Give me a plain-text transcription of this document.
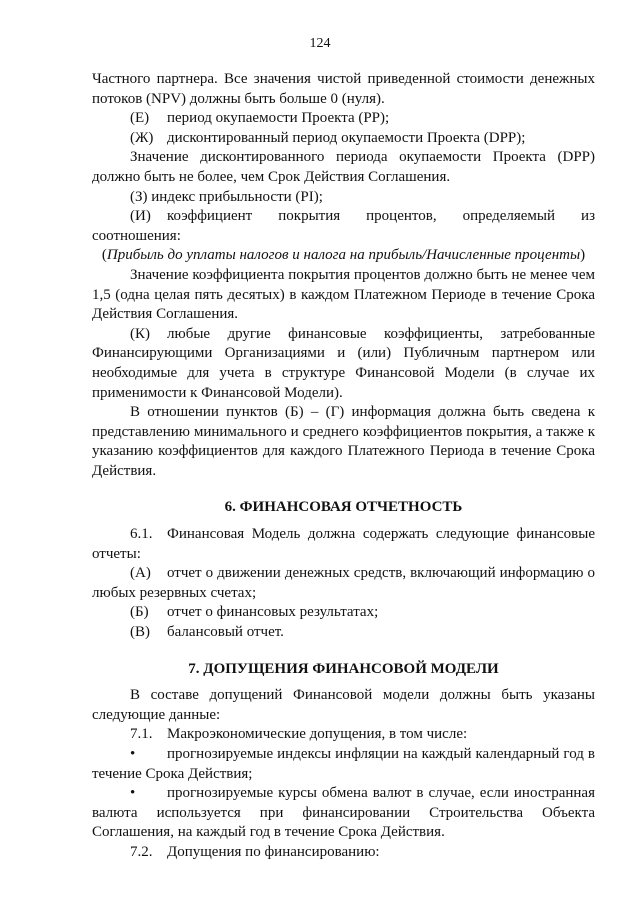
124

Частного партнера. Все значения чистой приведенной стоимости денежных потоков (NPV) должны быть больше 0 (нуля).

(Е) период окупаемости Проекта (PP);

(Ж) дисконтированный период окупаемости Проекта (DPP);

Значение дисконтированного периода окупаемости Проекта (DPP) должно быть не более, чем Срок Действия Соглашения.

(З) индекс прибыльности (PI);

(И) коэффициент покрытия процентов, определяемый из соотношения:

(Прибыль до уплаты налогов и налога на прибыль/Начисленные проценты)

Значение коэффициента покрытия процентов должно быть не менее чем 1,5 (одна целая пять десятых) в каждом Платежном Периоде в течение Срока Действия Соглашения.

(К) любые другие финансовые коэффициенты, затребованные Финансирующими Организациями и (или) Публичным партнером или необходимые для учета в структуре Финансовой Модели (в случае их применимости к Финансовой Модели).

В отношении пунктов (Б) – (Г) информация должна быть сведена к представлению минимального и среднего коэффициентов покрытия, а также к указанию коэффициентов для каждого Платежного Периода в течение Срока Действия.

6. ФИНАНСОВАЯ ОТЧЕТНОСТЬ

6.1. Финансовая Модель должна содержать следующие финансовые отчеты:

(А) отчет о движении денежных средств, включающий информацию о любых резервных счетах;

(Б) отчет о финансовых результатах;

(В) балансовый отчет.

7. ДОПУЩЕНИЯ ФИНАНСОВОЙ МОДЕЛИ

В составе допущений Финансовой модели должны быть указаны следующие данные:

7.1. Макроэкономические допущения, в том числе:

• прогнозируемые индексы инфляции на каждый календарный год в течение Срока Действия;

• прогнозируемые курсы обмена валют в случае, если иностранная валюта используется при финансировании Строительства Объекта Соглашения, на каждый год в течение Срока Действия.

7.2. Допущения по финансированию:
